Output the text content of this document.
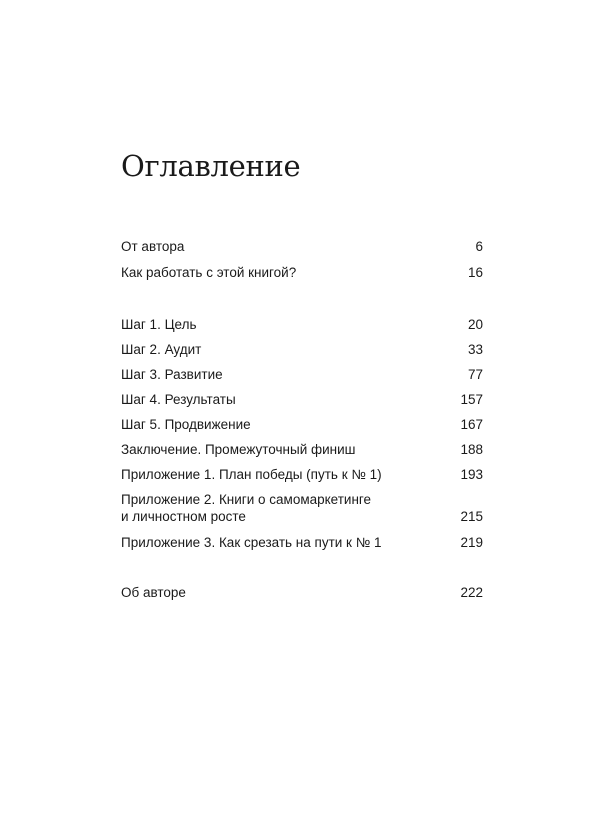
Оглавление
От автора	6
Как работать с этой книгой?	16
Шаг 1. Цель	20
Шаг 2. Аудит	33
Шаг 3. Развитие	77
Шаг 4. Результаты	157
Шаг 5. Продвижение	167
Заключение. Промежуточный финиш	188
Приложение 1. План победы (путь к № 1)	193
Приложение 2. Книги о самомаркетинге
и личностном росте	215
Приложение 3. Как срезать на пути к № 1	219
Об авторе	222
